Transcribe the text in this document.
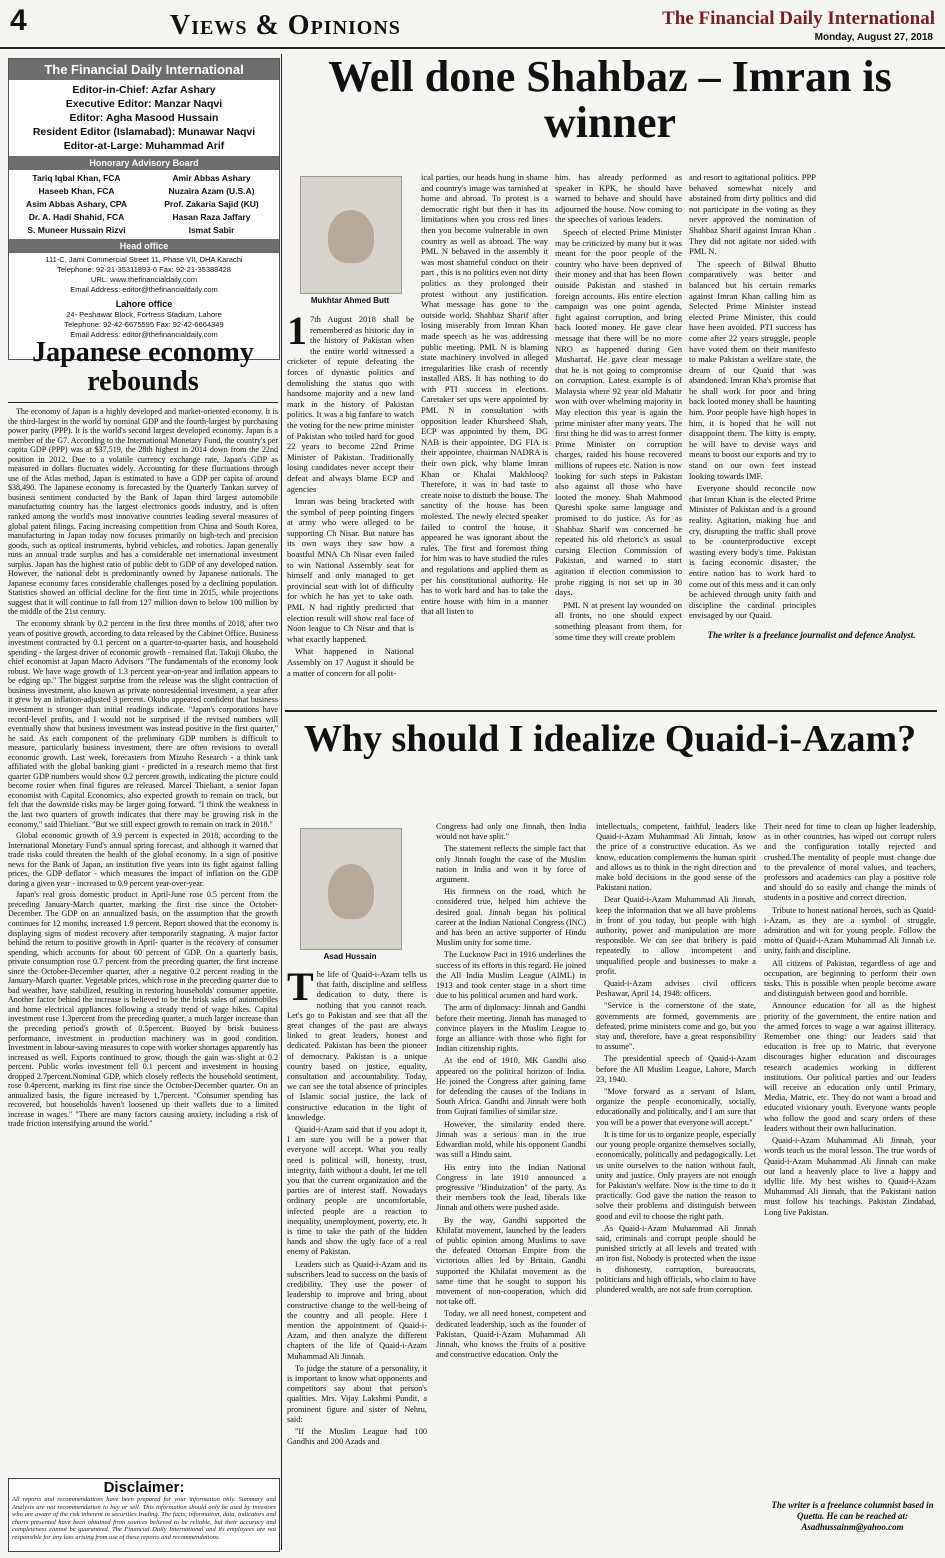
4	Views & Opinions	The Financial Daily International
Monday, August 27, 2018
The Financial Daily International
Editor-in-Chief: Azfar Ashary
Executive Editor: Manzar Naqvi
Editor: Agha Masood Hussain
Resident Editor (Islamabad): Munawar Naqvi
Editor-at-Large: Muhammad Arif
Honorary Advisory Board
Tariq Iqbal Khan, FCA	Amir Abbas Ashary
Haseeb Khan, FCA	Nuzaira Azam (U.S.A)
Asim Abbas Ashary, CPA	Prof. Zakaria Sajid (KU)
Dr. A. Hadi Shahid, FCA	Hasan Raza Jaffary
S. Muneer Hussain Rizvi	Ismat Sabir
Head office
111-C, Jami Commercial Street 11, Phase VII, DHA Karachi
Telephone: 92-21-35311893-6 Fax: 92-21-35388428
URL: www.thefinancialdaily.com
Email Address: editor@thefinancialdaily.com
Lahore office
24- Peshawar Block, Fortress Stadium, Lahore
Telephone: 92-42-6675595 Fax: 92-42-6664349
Email Address: editor@thefinancialdaily.com
Japanese economy rebounds

The economy of Japan is a highly developed and market-oriented economy. It is the third-largest in the world by nominal GDP and the fourth-largest by purchasing power parity (PPP). It is the world's second largest developed economy. Japan is a member of the G7. According to the International Monetary Fund, the country's per capita GDP (PPP) was at $37,519, the 28th highest in 2014 down from the 22nd position in 2012. Due to a volatile currency exchange rate, Japan's GDP as measured in dollars fluctuates widely. Accounting for these fluctuations through use of the Atlas method, Japan is estimated to have a GDP per capita of around $38,490. The Japanese economy is forecasted by the Quarterly Tankan survey of business sentiment conducted by the Bank of Japan third largest automobile manufacturing country has the largest electronics goods industry, and is often ranked among the world's most innovative countries leading several measures of global patent filings. Facing increasing competition from China and South Korea, manufacturing in Japan today now focuses primarily on high-tech and precision goods, such as optical instruments, hybrid vehicles, and robotics. Japan generally runs an annual trade surplus and has a considerable net international investment surplus. Japan has the highest ratio of public debt to GDP of any developed nation. However, the national debt is predominantly owned by Japanese nationals. The Japanese economy faces considerable challenges posed by a declining population. Statistics showed an official decline for the first time in 2015, while projections suggest that it will continue to fall from 127 million down to below 100 million by the middle of the 21st century.

The economy shrank by 0.2 percent in the first three months of 2018, after two years of positive growth, according to data released by the Cabinet Office. Business investment contracted by 0.1 percent on a quarter-to-quarter basis, and household spending - the largest driver of economic growth - remained flat. Takuji Okubo, the chief economist at Japan Macro Advisors "The fundamentals of the economy look robust. We have wage growth of 1.3 percent year-on-year and inflation appears to be edging up." The biggest surprise from the release was the slight contraction of business investment, also known as private nonresidential investment, a year after it grew by an inflation-adjusted 3 percent. Okubo appeared confident that business investment is stronger than initial readings indicate. "Japan's corporations have record-level profits, and I would not be surprised if the revised numbers will eventually show that business investment was instead positive in the first quarter," he said. As each component of the preliminary GDP numbers is difficult to measure, particularly business investment, there are often revisions to overall economic growth. Last week, forecasters from Mizuho Research - a think tank affiliated with the global banking giant - predicted in a research memo that first quarter GDP numbers would show 0.2 percent growth, indicating the picture could become rosier when final figures are released. Marcel Thieliant, a senior Japan economist with Capital Economics, also expected growth to remain on track, but felt that the downside risks may be larger going forward. "I think the weakness in the last two quarters of growth indicates that there may be growing risk in the economy," said Thieliant. "But we still expect growth to remain on track in 2018."

Global economic growth of 3.9 percent is expected in 2018, according to the International Monetary Fund's annual spring forecast, and although it warned that trade risks could threaten the health of the global economy. In a sign of positive news for the Bank of Japan, an institution five years into its fight against falling prices, the GDP deflator - which measures the impact of inflation on the GDP during a given year - increased to 0.9 percent year-over-year.

Japan's real gross domestic product in April-June rose 0.5 percent from the preceding January-March quarter, marking the first rise since the October-December. The GDP on an annualized basis, on the assumption that the growth continues for 12 months, increased 1.9 percent. Report showed that the economy is displaying signs of modest recovery after temporarily stagnating. A major factor behind the return to positive growth in April- quarter is the recovery of consumer spending, which accounts for about 60 percent of GDP. On a quarterly basis, private consumption rose 0.7 percent from the preceding quarter, the first increase since the October-December quarter, after a negative 0.2 percent reading in the January-March quarter. Vegetable prices, which rose in the preceding quarter due to bad weather, have stabilized, resulting in restoring households' consumer appetite. Another factor behind the increase is believed to be the brisk sales of automobiles and home electrical appliances following a steady trend of wage hikes. Capital investment rose 1.3percent from the preceding quarter, a much larger increase than the preceding period's growth of 0.5percent. Buoyed by brisk business performance, investment in production machinery was in good condition. Investment in labour-saving measures to cope with worker shortages apparently has increased as well. Exports continued to grow, though the gain was slight at 0.2 percent. Public works investment fell 0.1 percent and investment in housing dropped 2.7percent.Nominal GDP, which closely reflects the household sentiment, rose 0.4percent, marking its first rise since the October-December quarter. On an annualized basis, the figure increased by 1.7percent. "Consumer spending has recovered, but households haven't loosened up their wallets due to a limited increase in wages." "There are many factors causing anxiety, including a risk of trade friction intensifying around the world."

Disclaimer:
All reports and recommendations have been prepared for your information only. Summary and Analysis are not recommendation to buy or sell. This information should only be used by investors who are aware of the risk inherent in securities trading. The facts, information, data, indicators and charts presented have been obtained from sources believed to be reliable, but their accuracy and completeness cannot be guaranteed. The Financial Daily International and its employees are not responsible for any loss arising from use of these reports and recommendations.
Well done Shahbaz – Imran is winner
Mukhtar Ahmed Butt
1 7th August 2018 shall be remembered as historic day in the history of Pakistan when the entire world witnessed a cricketer of repute defeating the forces of dynastic politics and demolishing the status quo with handsome majority and a new land mark in the history of Pakistan politics. It was a big fanfare to watch the voting for the new prime minister of Pakistan who toiled hard for good 22 years to become 22nd Prime Minister of Pakistan. Traditionally losing candidates never accept their defeat and always blame ECP and agencies

Imran was being bracketed with the symbol of peep pointing fingers at army who were alleged to be supporting Ch Nisar. But nature has its own ways they saw how a boastful MNA Ch Nisar even failed to win National Assembly seat for himself and only managed to get provincial seat with lot of difficulty for which he has yet to take oath. PML N had rightly predicted that election result will show real face of Noon league to Ch Nisar and that is what exactly happened.

What happened in National Assembly on 17 August it should be a matter of concern for all polit-

ical parties, our heads hung in shame and country's image was tarnished at home and abroad. To protest is a democratic right but then it has its limitations when you cross red lines then you become vulnerable in own country as well as abroad. The way PML N behaved in the assembly it was most shameful conduct on their part , this is no politics even not dirty politics as they prolonged their protest without any justification. What message has gone to the outside world. Shahbaz Sharif after losing miserably from Imran Khan made speech as he was addressing public meeting. PML N is blaming state machinery involved in alleged irregularities like crash of recently installed ARS. It has nothing to do with PTI success in elections. Caretaker set ups were appointed by PML N in consultation with opposition leader Khursheed Shah, ECP was appointed by them, DG NAB is their appointee, DG FIA is their appointee, chairman NADRA is their own pick, why blame Imran Khan or Khalai Makhlooq? Therefore, it was in bad taste to create noise to disturb the house. The sanctity of the house has been molested. The newly elected speaker failed to control the house, it appeared he was ignorant about the rules. The first and foremost thing for him was to have studied the rules and regulations and applied them as per his constitutional authority. He has to work hard and has to take the entire house with him in a manner that all listen to

him. has already performed as speaker in KPK, he should have warned to behave and should have adjourned the house. Now coming to the speeches of various leaders.

Speech of elected Prime Minister may be criticized by many but it was meant for the poor people of the country who have been deprived of their money and that has been flown outside Pakistan and stashed in foreign accounts. His entire election campaign was one point agenda, fight against corruption, and bring back looted money. He gave clear message that there will be no more NRO as happened during Gen Musharraf. He gave clear message that he is not going to compromise on corruption. Latest example is of Malaysia where 92 year old Mahatir won with over whelming majority in May election this year is again the prime minister after many years. The first thing he did was to arrest former Prime Minister on corruption charges, raided his house recovered millions of rupees etc. Nation is now looking for such steps in Pakistan also against all those who have looted the money. Shah Mahmood Qureshi spoke same language and promised to do justice. As for as Shahbaz Sharif was concerned he repeated his old rhetoric's as usual cursing Election Commission of Pakistan, and warned to start agitation if election commission to probe rigging is not set up in 30 days.

PML N at present lay wounded on all fronts, no one should expect something pleasant from them, for some time they will create problem

and resort to agitational politics. PPP behaved somewhat nicely and abstained from dirty politics and did not participate in the voting as they never approved the nomination of Shahbaz Sharif against Imran Khan . They did not agitate nor sided with PML N.

The speech of Bilwal Bhutto comparatively was better and balanced but his certain remarks against Imran Khan calling him as Selected Prime Minister instead elected Prime Minister, this could have been avoided. PTI success has come after 22 years struggle, people have voted them on their manifesto to make Pakistan a welfare state, the dream of our Quaid that was abandoned. Imran Kha's promise that he shall work for poor and bring back looted money shall be haunting him. Poor people have high hopes in him, it is hoped that he will not disappoint them. The kitty is empty, he will have to devise ways and means to boost our exports and try to stand on our own feet instead looking towards IMF.

Everyone should reconcile now that Imran Khan is the elected Prime Minister of Pakistan and is a ground reality. Agitation, making hue and cry, disrupting the traffic shall prove to be counterproductive except wasting every body's time. Pakistan is facing economic disaster, the entire nation has to work hard to come out of this mess and it can only be achieved through unity faith and discipline the cardinal principles envisaged by our Quaid.

The writer is a freelance journalist and defence Analyst.
Why should I idealize Quaid-i-Azam?
Asad Hussain
T he life of Quaid-i-Azam tells us that faith, discipline and selfless dedication to duty, there is nothing that you cannot reach. Let's go to Pakistan and see that all the great changes of the past are always linked to great leaders, honest and dedicated. Pakistan has been the pioneer of democracy. Pakistan is a unique country based on justice, equality, consultation and accountability. Today, we can see the total absence of principles of Islamic social justice, the lack of constructive education in the light of knowledge.

Quaid-i-Azam said that if you adopt it, I am sure you will be a power that everyone will accept. What you really need is political will, honesty, trust, integrity, faith without a doubt, let me tell you that the current organization and the parties are of interest staff. Nowadays ordinary people are uncomfortable, infected people are a reaction to inequality, unemployment, poverty, etc. It is time to take the path of the hidden hands and show the ugly face of a real enemy of Pakistan.

Leaders such as Quaid-i-Azam and its subscribers lead to success on the basis of credibility. They use the power of leadership to improve and bring about constructive change to the well-being of the country and all people. Here I mention the appointment of Quaid-i-Azam, and then analyze the different chapters of the life of Quaid-i-Azam Muhammad Ali Jinnah.

To judge the stature of a personality, it is important to know what opponents and competitors say about that person's qualities. Mrs. Vijay Lakshmi Pundit, a prominent figure and sister of Nehru, said:

"If the Muslim League had 100 Gandhis and 200 Azads and

Congress had only one Jinnah, then India would not have split."

The statement reflects the simple fact that only Jinnah fought the case of the Muslim nation in India and won it by force of argument.

His firmness on the road, which he considered true, helped him achieve the desired goal. Jinnah began his political career at the Indian National Congress (INC) and has been an active supporter of Hindu Muslim unity for some time.

The Lucknow Pact in 1916 underlines the success of its efforts in this regard. He joined the All India Muslim League (AIML) in 1913 and took center stage in a short time due to his political acumen and hard work.

The arm of diplomacy: Jinnah and Gandhi before their meeting. Jinnah has managed to convince players in the Muslim League to forge an alliance with those who fight for Indian citizenship rights.

At the end of 1910, MK Gandhi also appeared on the political horizon of India. He joined the Congress after gaining fame for defending the causes of the Indians in South Africa. Gandhi and Jinnah were both from Gujrati families of similar size.

However, the similarity ended there. Jinnah was a serious man in the true Edwardian mold, while his opponent Gandhi was still a Hindu saint.

His entry into the Indian National Congress in late 1910 announced a progressive "Hinduization" of the party. As their members took the lead, liberals like Jinnah and others were pushed aside.

By the way, Gandhi supported the Khilafat movement, launched by the leaders of public opinion among Muslims to save the defeated Ottoman Empire from the victorious allies led by Britain. Gandhi supported the Khilafat movement as the same time that he sought to support his movement of non-cooperation, which did not take off.

Today, we all need honest, competent and dedicated leadership, such as the founder of Pakistan, Quaid-i-Azam Muhammad Ali Jinnah, who knows the fruits of a positive and constructive education. Only the

intellectuals, competent, faithful, leaders like Quaid-i-Azam Muhammad Ali Jinnah, know the price of a constructive education. As we know, education complements the human spirit and allows us to think in the right direction and make bold decisions in the good sense of the Pakistani nation.

Dear Quaid-i-Azam Muhammad Ali Jinnah, keep the information that we all have problems in front of you today, but people with high authority, power and manipulation are more responsible. We can see that bribery is paid repeatedly to allow incompetent and unqualified people and businesses to make a profit.

Quaid-i-Azam advises civil officers Peshawar, April 14, 1948: officers.

"Service is the cornerstone of the state, governments are formed, governments are defeated, prime ministers come and go, but you stay and, therefore, have a great responsibility to assume".

The presidential speech of Quaid-i-Azam before the All Muslim League, Lahore, March 23, 1940.

"Move forward as a servant of Islam, organize the people economically, socially, educationally and politically, and I am sure that you will be a power that everyone will accept."

It is time for us to organize people, especially our young people organize themselves socially, economically, politically and pedagogically. Let us unite ourselves to the nation without fault, unity and justice. Only prayers are not enough for Pakistan's welfare. Now is the time to do it practically. God gave the nation the reason to solve their problems and distinguish between good and evil to choose the right path.

As Quaid-i-Azam Muhammad Ali Jinnah said, criminals and corrupt people should be punished strictly at all levels and treated with an iron fist. Nobody is protected when the issue is dishonesty, corruption, bureaucrats, politicians and high officials, who claim to have plundered wealth, are not safe from corruption.

Their need for time to clean up higher leadership, as in other countries, has wiped out corrupt rulers and the configuration totally rejected and crushed.The mentality of people must change due to the prevalence of moral values, and teachers, professors and academics can play a positive role and should do so easily and change the minds of students in a positive and correct direction.

Tribute to honest national heroes, such as Quaid-i-Azam, as they are a symbol of struggle, admiration and wit for young people. Follow the motto of Quaid-i-Azam Muhammad Ali Jinnah i.e. unity, faith and discipline.

All citizens of Pakistan, regardless of age and occupation, are beginning to perform their own tasks. This is possible when people become aware and distinguish between good and horrible.

Announce education for all as the highest priority of the government, the entire nation and the armed forces to wage a war against illiteracy. Remember one thing: our leaders said that education is free up to Matric, that everyone discourages higher education and discourages research academics working in different institutions. Our political parties and our leaders will receive an education only until Primary, Media, Matric, etc. They do not want a broad and educated visionary youth. Everyone wants people who follow the good and scary orders of these leaders without their own hallucination.

Quaid-i-Azam Muhammad Ali Jinnah, your words teach us the moral lesson. The true words of Quaid-i-Azam Muhammad Ali Jinnah can make our land a heavenly place to live a happy and idyllic life. My best wishes to Quaid-i-Azam Muhammad Ali Jinnah, that the Pakistani nation must follow his teachings. Pakistan Zindabad, Long live Pakistan.

The writer is a freelance columnist based in Quetta. He can be reached at:
Asadhussainm@yahoo.com
